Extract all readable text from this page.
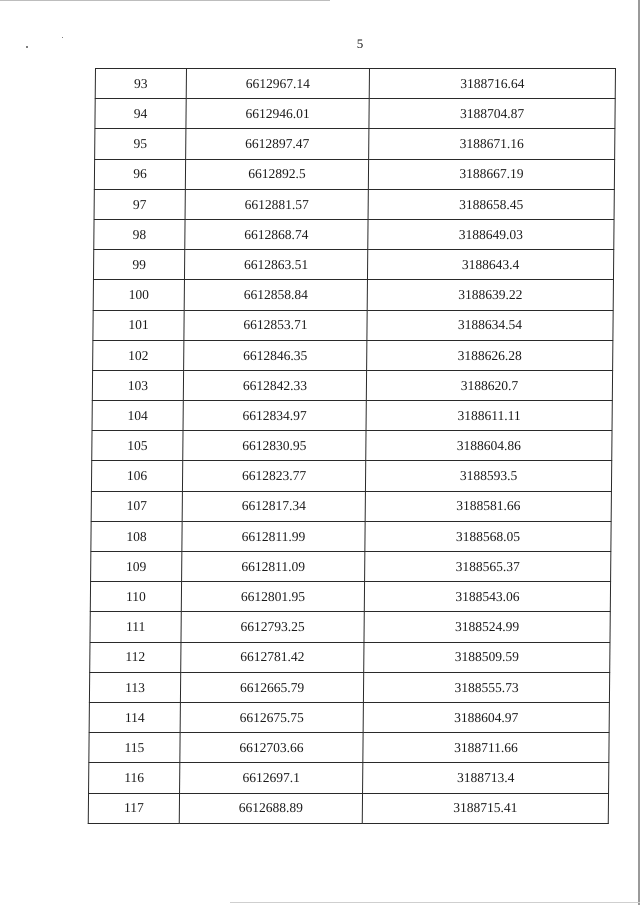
5
93	6612967.14	3188716.64
94	6612946.01	3188704.87
95	6612897.47	3188671.16
96	6612892.5	3188667.19
97	6612881.57	3188658.45
98	6612868.74	3188649.03
99	6612863.51	3188643.4
100	6612858.84	3188639.22
101	6612853.71	3188634.54
102	6612846.35	3188626.28
103	6612842.33	3188620.7
104	6612834.97	3188611.11
105	6612830.95	3188604.86
106	6612823.77	3188593.5
107	6612817.34	3188581.66
108	6612811.99	3188568.05
109	6612811.09	3188565.37
110	6612801.95	3188543.06
111	6612793.25	3188524.99
112	6612781.42	3188509.59
113	6612665.79	3188555.73
114	6612675.75	3188604.97
115	6612703.66	3188711.66
116	6612697.1	3188713.4
117	6612688.89	3188715.41
